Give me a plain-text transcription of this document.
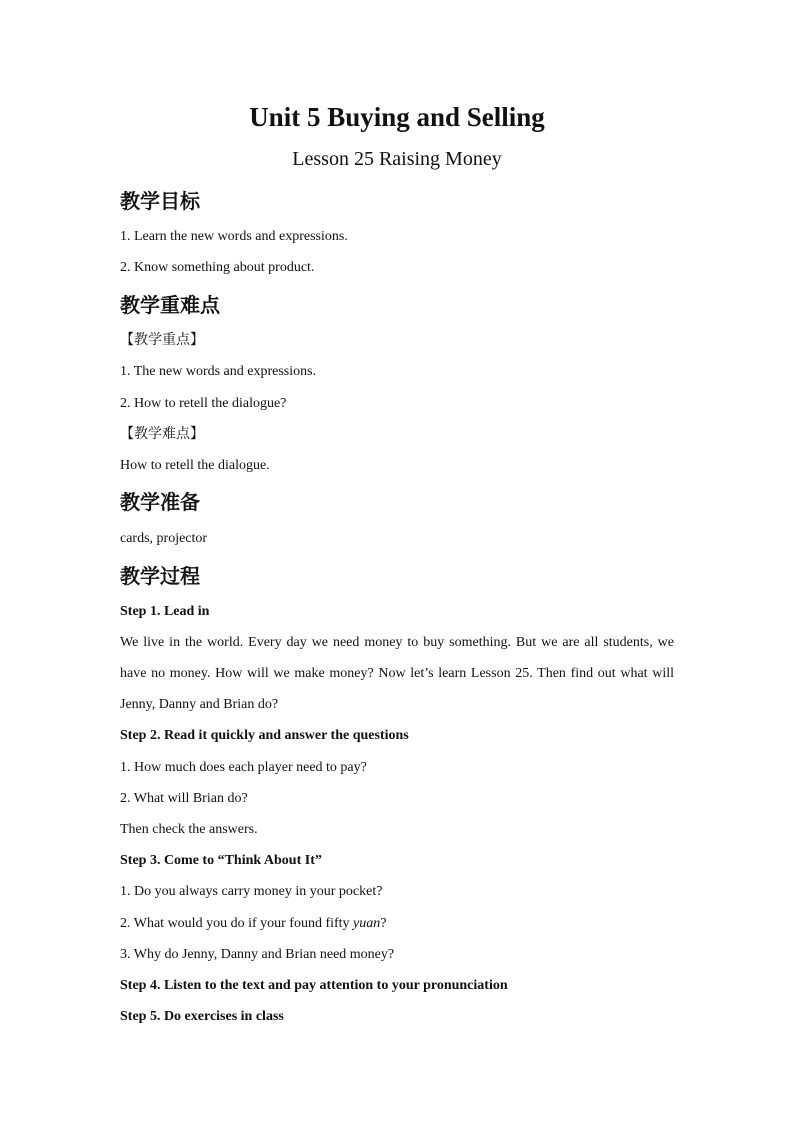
Unit 5 Buying and Selling
Lesson 25 Raising Money
教学目标
1. Learn the new words and expressions.
2. Know something about product.
教学重难点
【教学重点】
1. The new words and expressions.
2. How to retell the dialogue?
【教学难点】
How to retell the dialogue.
教学准备
cards, projector
教学过程
Step 1. Lead in
We live in the world. Every day we need money to buy something. But we are all students, we have no money. How will we make money? Now let’s learn Lesson 25. Then find out what will Jenny, Danny and Brian do?
Step 2. Read it quickly and answer the questions
1. How much does each player need to pay?
2. What will Brian do?
Then check the answers.
Step 3. Come to “Think About It”
1. Do you always carry money in your pocket?
2. What would you do if your found fifty yuan?
3. Why do Jenny, Danny and Brian need money?
Step 4. Listen to the text and pay attention to your pronunciation
Step 5. Do exercises in class
